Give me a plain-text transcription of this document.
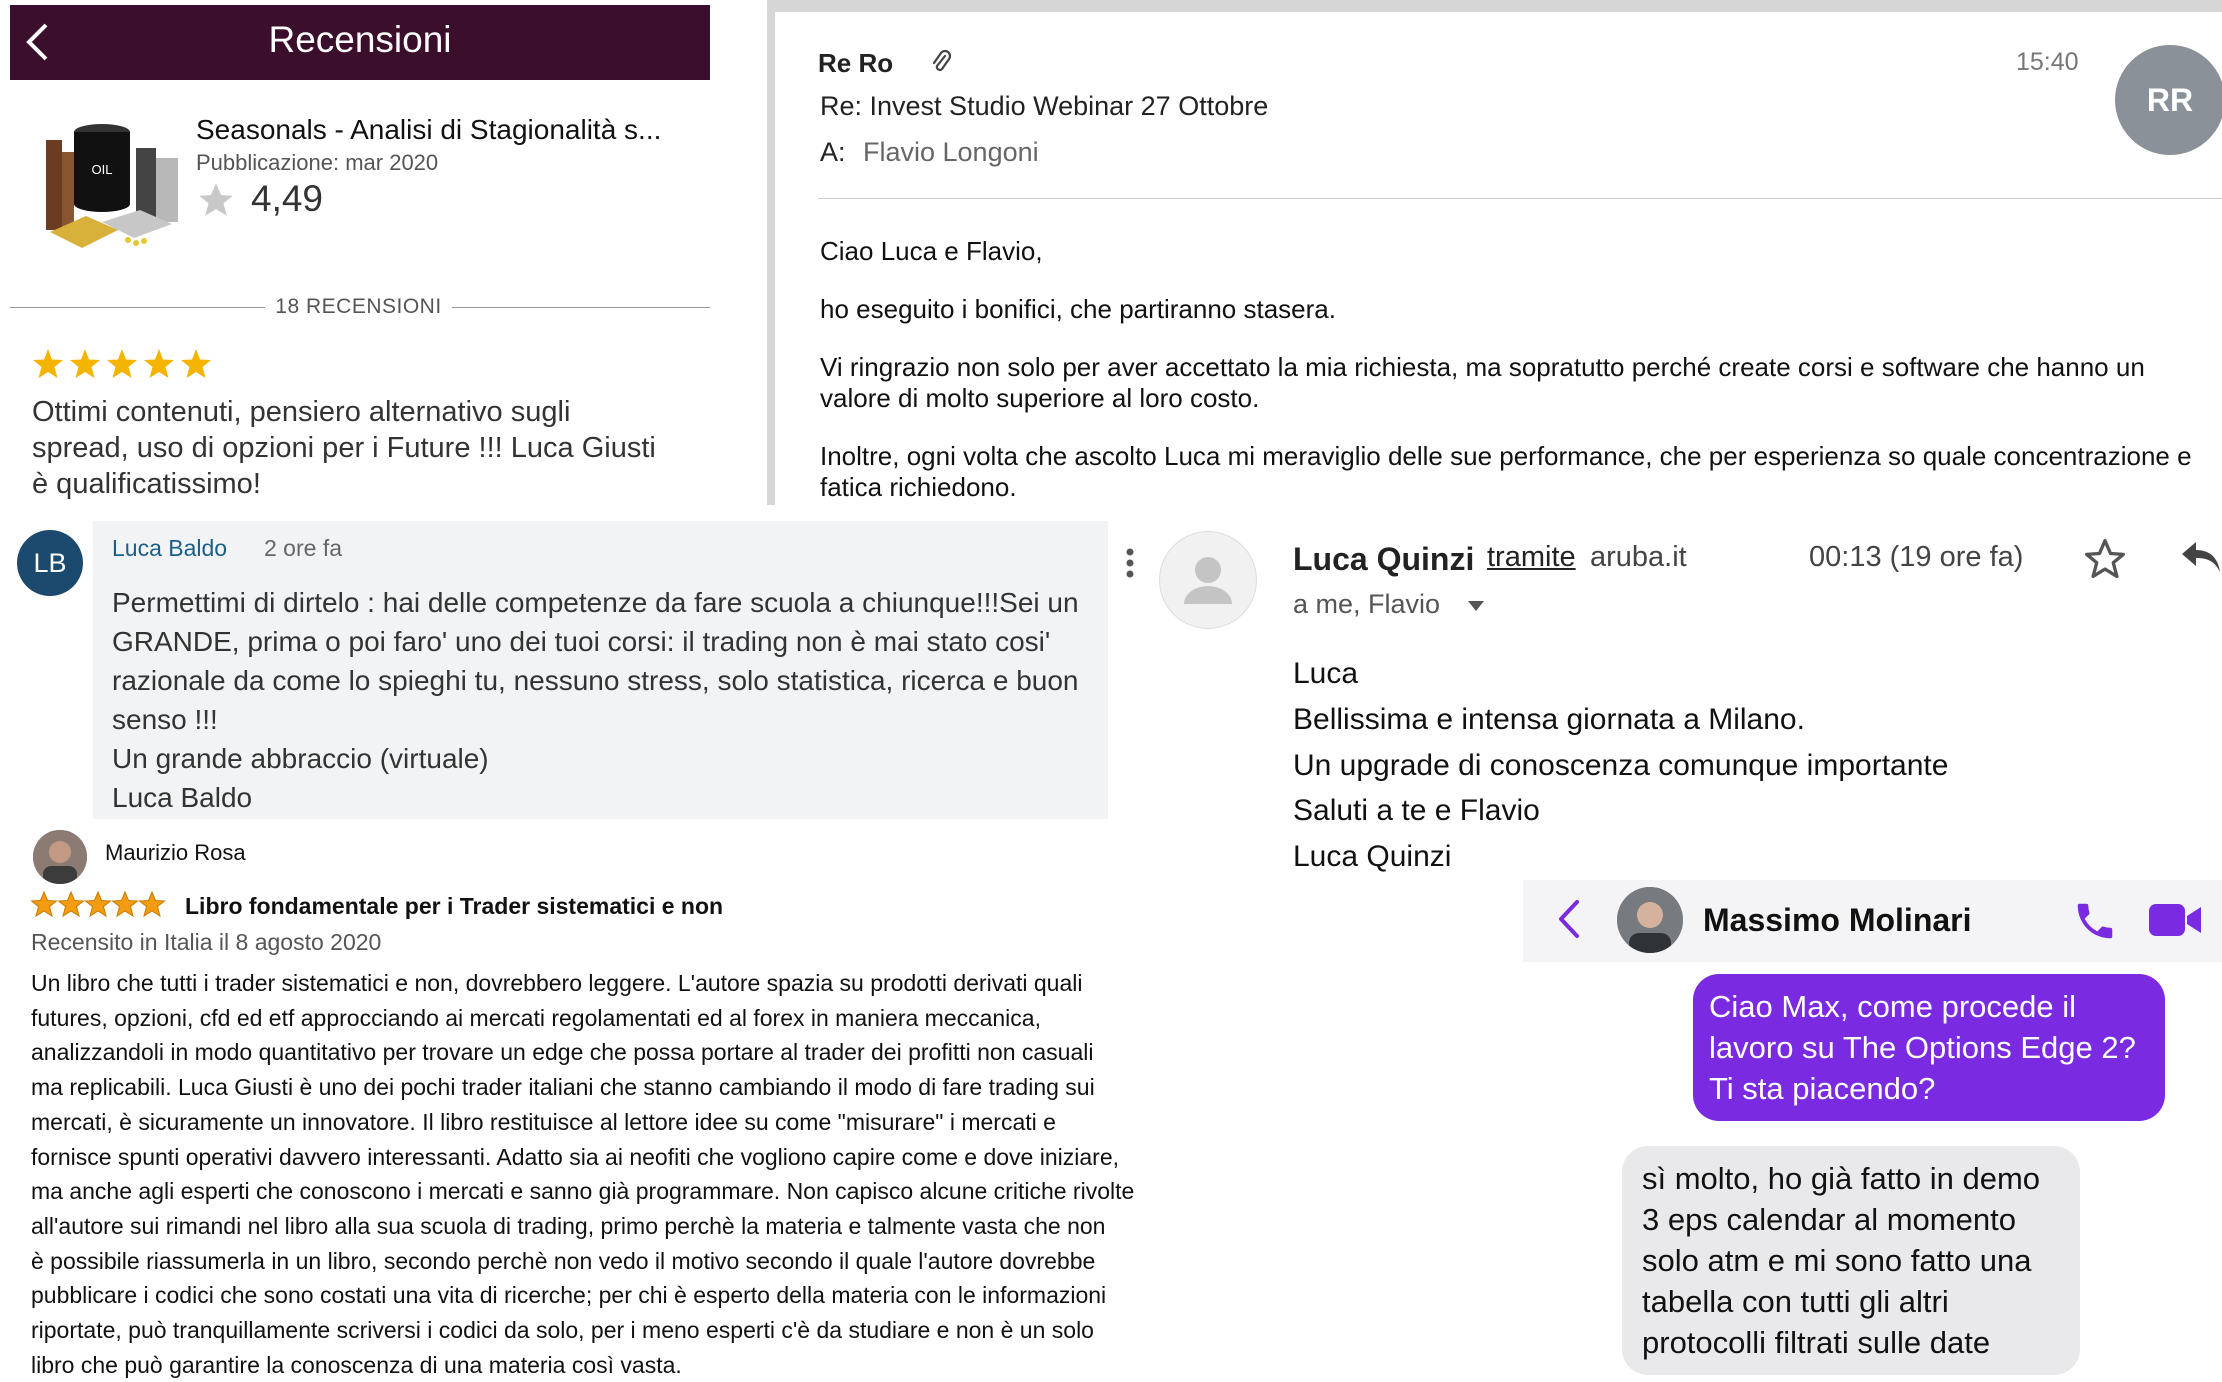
Recensioni
OIL
Seasonals - Analisi di Stagionalità s...
Pubblicazione: mar 2020
4,49
18 RECENSIONI
Ottimi contenuti, pensiero alternativo sugli spread, uso di opzioni per i Future !!! Luca Giusti è qualificatissimo!
Re Ro	15:40
RR
Re: Invest Studio Webinar 27 Ottobre
A: Flavio Longoni
Ciao Luca e Flavio,
ho eseguito i bonifici, che partiranno stasera.
Vi ringrazio non solo per aver accettato la mia richiesta, ma sopratutto perché create corsi e software che hanno un valore di molto superiore al loro costo.
Inoltre, ogni volta che ascolto Luca mi meraviglio delle sue performance, che per esperienza so quale concentrazione e fatica richiedono.
LB	Luca Baldo 2 ore fa
Permettimi di dirtelo : hai delle competenze da fare scuola a chiunque!!!Sei un
GRANDE, prima o poi faro' uno dei tuoi corsi: il trading non è mai stato cosi'
razionale da come lo spieghi tu, nessuno stress, solo statistica, ricerca e buon
senso !!!
Un grande abbraccio (virtuale)
Luca Baldo
Maurizio Rosa
Libro fondamentale per i Trader sistematici e non
Recensito in Italia il 8 agosto 2020
Un libro che tutti i trader sistematici e non, dovrebbero leggere. L'autore spazia su prodotti derivati quali
futures, opzioni, cfd ed etf approcciando ai mercati regolamentati ed al forex in maniera meccanica,
analizzandoli in modo quantitativo per trovare un edge che possa portare al trader dei profitti non casuali
ma replicabili. Luca Giusti è uno dei pochi trader italiani che stanno cambiando il modo di fare trading sui
mercati, è sicuramente un innovatore. Il libro restituisce al lettore idee su come "misurare" i mercati e
fornisce spunti operativi davvero interessanti. Adatto sia ai neofiti che vogliono capire come e dove iniziare,
ma anche agli esperti che conoscono i mercati e sanno già programmare. Non capisco alcune critiche rivolte
all'autore sui rimandi nel libro alla sua scuola di trading, primo perchè la materia e talmente vasta che non
è possibile riassumerla in un libro, secondo perchè non vedo il motivo secondo il quale l'autore dovrebbe
pubblicare i codici che sono costati una vita di ricerche; per chi è esperto della materia con le informazioni
riportate, può tranquillamente scriversi i codici da solo, per i meno esperti c'è da studiare e non è un solo
libro che può garantire la conoscenza di una materia così vasta.
Luca Quinzi tramite aruba.it	00:13 (19 ore fa)
a me, Flavio
Luca
Bellissima e intensa giornata a Milano.
Un upgrade di conoscenza comunque importante
Saluti a te e Flavio
Luca Quinzi
Massimo Molinari
Ciao Max, come procede il lavoro su The Options Edge 2? Ti sta piacendo?
sì molto, ho già fatto in demo 3 eps calendar al momento solo atm e mi sono fatto una tabella con tutti gli altri protocolli filtrati sulle date
